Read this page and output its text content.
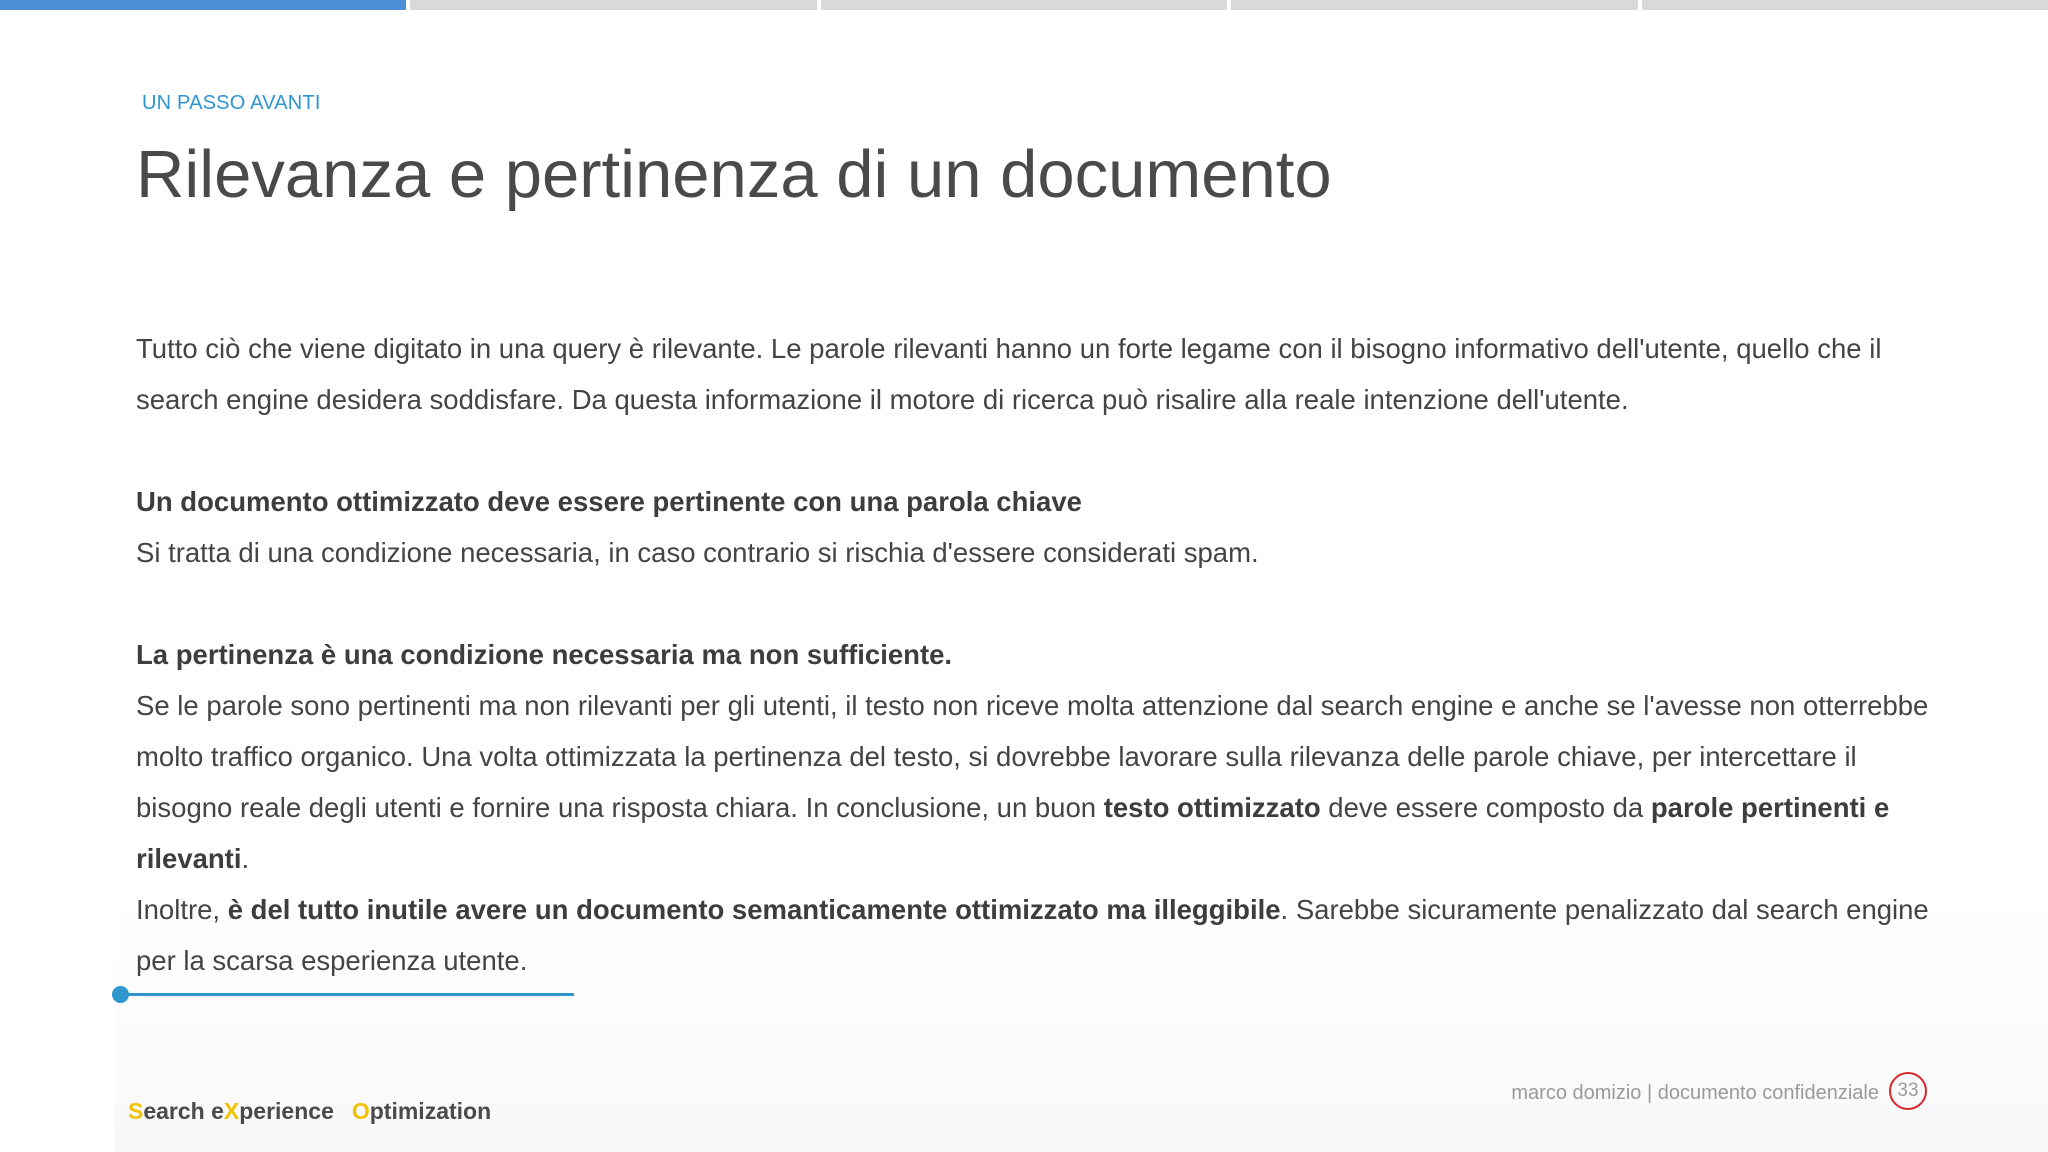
UN PASSO AVANTI
Rilevanza e pertinenza di un documento

Tutto ciò che viene digitato in una query è rilevante. Le parole rilevanti hanno un forte legame con il bisogno informativo dell'utente, quello che il search engine desidera soddisfare. Da questa informazione il motore di ricerca può risalire alla reale intenzione dell'utente.

Un documento ottimizzato deve essere pertinente con una parola chiave

Si tratta di una condizione necessaria, in caso contrario si rischia d'essere considerati spam.

La pertinenza è una condizione necessaria ma non sufficiente.

Se le parole sono pertinenti ma non rilevanti per gli utenti, il testo non riceve molta attenzione dal search engine e anche se l'avesse non otterrebbe molto traffico organico. Una volta ottimizzata la pertinenza del testo, si dovrebbe lavorare sulla rilevanza delle parole chiave, per intercettare il bisogno reale degli utenti e fornire una risposta chiara. In conclusione, un buon testo ottimizzato deve essere composto da parole pertinenti e rilevanti.

Inoltre, è del tutto inutile avere un documento semanticamente ottimizzato ma illeggibile. Sarebbe sicuramente penalizzato dal search engine per la scarsa esperienza utente.

Search eXperience Optimization
marco domizio | documento confidenziale 33
